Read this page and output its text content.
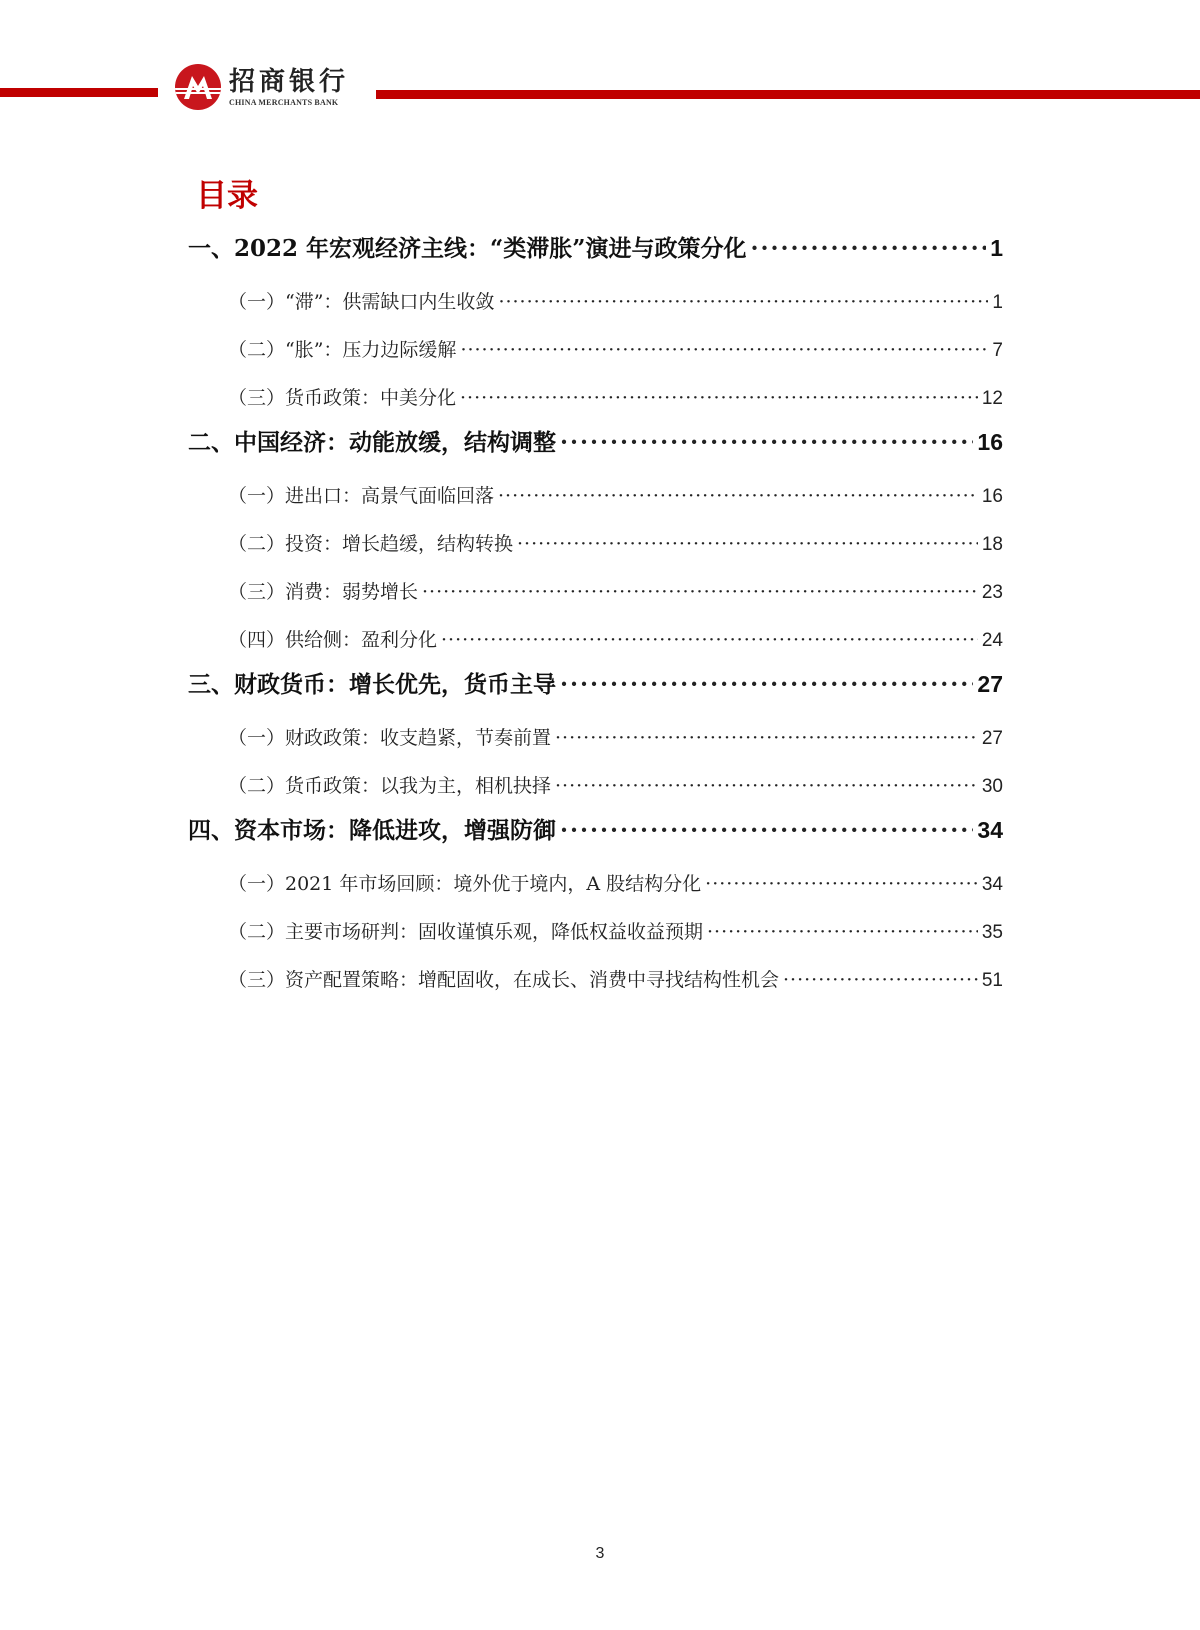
招商银行
CHINA MERCHANTS BANK
目录
一、2022 年宏观经济主线：“类滞胀”演进与政策分化 ·····	1
（一）“滞”：供需缺口内生收敛 ·····	1
（二）“胀”：压力边际缓解 ·····	7
（三）货币政策：中美分化 ·····	12
二、中国经济：动能放缓，结构调整 ·····	16
（一）进出口：高景气面临回落 ·····	16
（二）投资：增长趋缓，结构转换 ·····	18
（三）消费：弱势增长 ·····	23
（四）供给侧：盈利分化 ·····	24
三、财政货币：增长优先，货币主导 ·····	27
（一）财政政策：收支趋紧，节奏前置 ·····	27
（二）货币政策：以我为主，相机抉择 ·····	30
四、资本市场：降低进攻，增强防御 ·····	34
（一）2021 年市场回顾：境外优于境内，A 股结构分化 ·····	34
（二）主要市场研判：固收谨慎乐观，降低权益收益预期 ·····	35
（三）资产配置策略：增配固收，在成长、消费中寻找结构性机会 ·····	51
3
